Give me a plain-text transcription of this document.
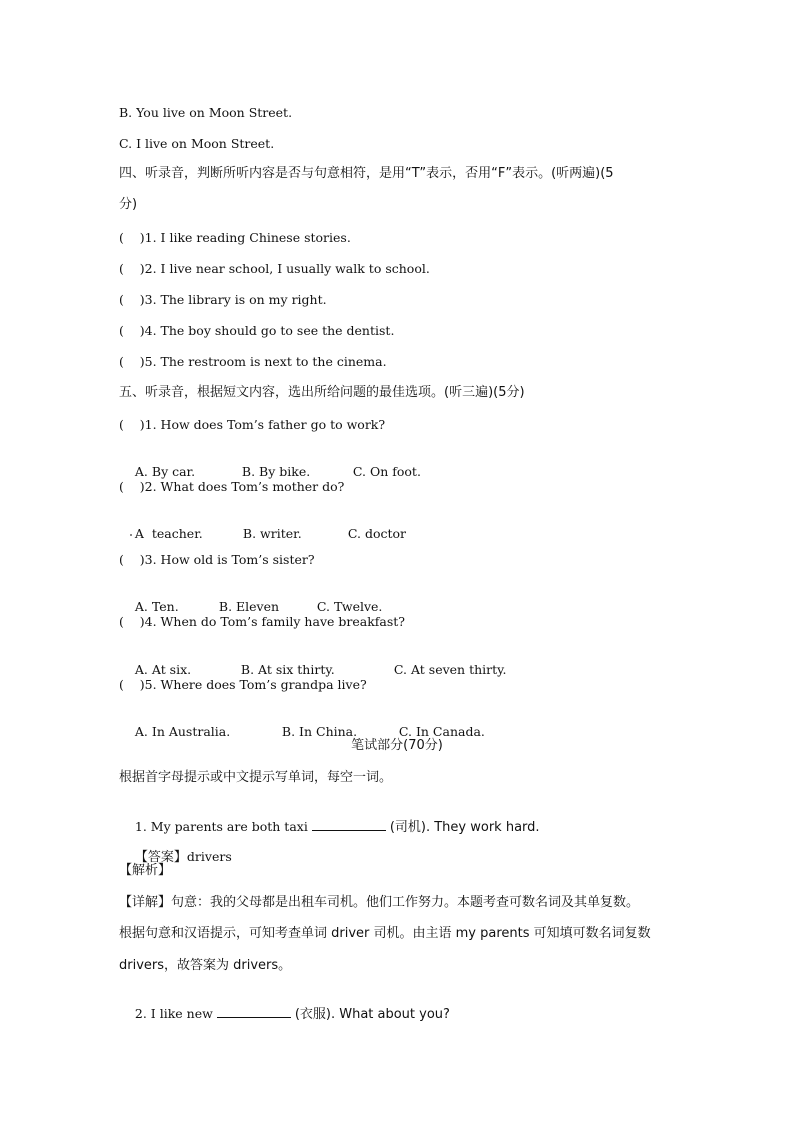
B. You live on Moon Street.
C. I live on Moon Street.
四、听录音，判断所听内容是否与句意相符，是用“T”表示，否用“F”表示。(听两遍)(5
分)
(    )1. I like reading Chinese stories.
(    )2. I live near school, I usually walk to school.
(    )3. The library is on my right.
(    )4. The boy should go to see the dentist.
(    )5. The restroom is next to the cinema.
五、听录音，根据短文内容，选出所给问题的最佳选项。(听三遍)(5分)
(    )1. How does Tom’s father go to work?

A. By car.	B. By bike.	C. On foot.

(    )2. What does Tom’s mother do?

A  teacher.	B. writer.	C. doctor

(    )3. How old is Tom’s sister?

A. Ten.	B. Eleven	C. Twelve.

(    )4. When do Tom’s family have breakfast?

A. At six.	B. At six thirty.	C. At seven thirty.

(    )5. Where does Tom’s grandpa live?

A. In Australia.	B. In China.	C. In Canada.

笔试部分(70分)
根据首字母提示或中文提示写单词，每空一词。

1. My parents are both taxi	(司机). They work hard.

【答案】drivers

【解析】
【详解】句意：我的父母都是出租车司机。他们工作努力。本题考查可数名词及其单复数。
根据句意和汉语提示，可知考查单词 driver 司机。由主语 my parents 可知填可数名词复数
drivers，故答案为 drivers。

2. I like new	(衣服). What about you?
